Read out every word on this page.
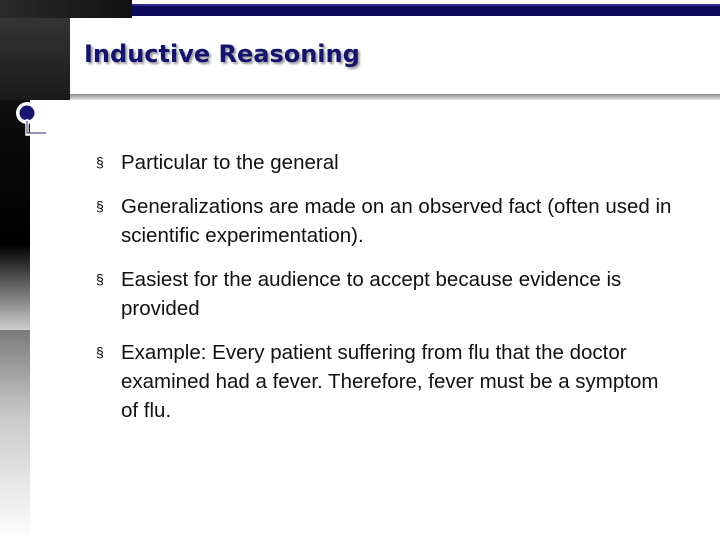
Inductive Reasoning
§ Particular to the general
§ Generalizations are made on an observed fact (often used in scientific experimentation).
§ Easiest for the audience to accept because evidence is provided
§ Example: Every patient suffering from flu that the doctor examined had a fever. Therefore, fever must be a symptom of flu.
